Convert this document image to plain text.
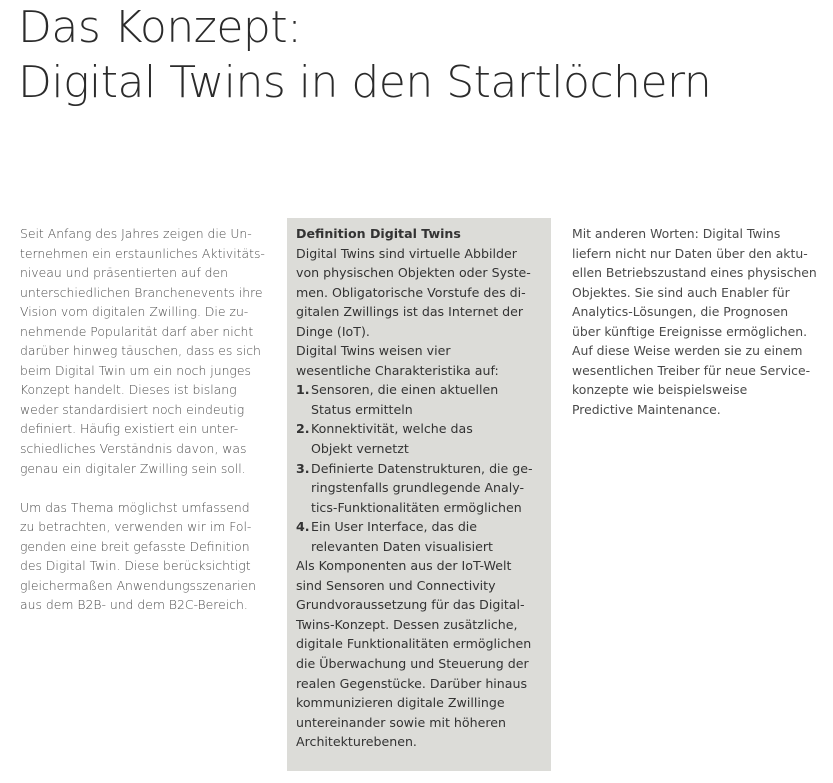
Das Konzept:
Digital Twins in den Startlöchern

Seit Anfang des Jahres zeigen die Un-
ternehmen ein erstaunliches Aktivitäts-
niveau und präsentierten auf den
unterschiedlichen Branchenevents ihre
Vision vom digitalen Zwilling. Die zu-
nehmende Popularität darf aber nicht
darüber hinweg täuschen, dass es sich
beim Digital Twin um ein noch junges
Konzept handelt. Dieses ist bislang
weder standardisiert noch eindeutig
definiert. Häufig existiert ein unter-
schiedliches Verständnis davon, was
genau ein digitaler Zwilling sein soll.

Um das Thema möglichst umfassend
zu betrachten, verwenden wir im Fol-
genden eine breit gefasste Definition
des Digital Twin. Diese berücksichtigt
gleichermaßen Anwendungsszenarien
aus dem B2B- und dem B2C-Bereich.

Definition Digital Twins

Digital Twins sind virtuelle Abbilder
von physischen Objekten oder Syste-
men. Obligatorische Vorstufe des di-
gitalen Zwillings ist das Internet der
Dinge (IoT).
Digital Twins weisen vier
wesentliche Charakteristika auf:

1. Sensoren, die einen aktuellen
Status ermitteln
2. Konnektivität, welche das
Objekt vernetzt
3. Definierte Datenstrukturen, die ge-
ringstenfalls grundlegende Analy-
tics-Funktionalitäten ermöglichen
4. Ein User Interface, das die
relevanten Daten visualisiert

Als Komponenten aus der IoT-Welt
sind Sensoren und Connectivity
Grundvoraussetzung für das Digital-
Twins-Konzept. Dessen zusätzliche,
digitale Funktionalitäten ermöglichen
die Überwachung und Steuerung der
realen Gegenstücke. Darüber hinaus
kommunizieren digitale Zwillinge
untereinander sowie mit höheren
Architekturebenen.

Mit anderen Worten: Digital Twins
liefern nicht nur Daten über den aktu-
ellen Betriebszustand eines physischen
Objektes. Sie sind auch Enabler für
Analytics-Lösungen, die Prognosen
über künftige Ereignisse ermöglichen.
Auf diese Weise werden sie zu einem
wesentlichen Treiber für neue Service-
konzepte wie beispielsweise
Predictive Maintenance.
